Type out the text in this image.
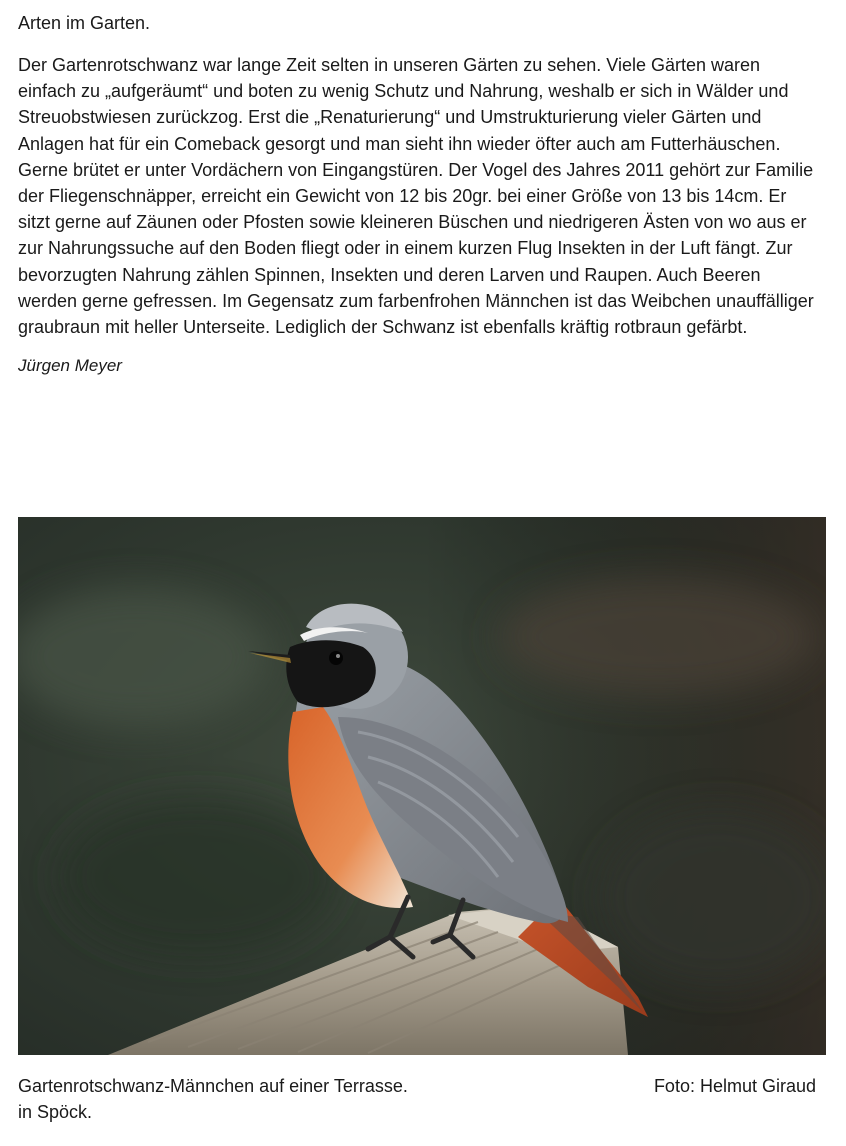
Arten im Garten.

Der Gartenrotschwanz war lange Zeit selten in unseren Gärten zu sehen. Viele Gärten waren einfach zu „aufgeräumt“ und boten zu wenig Schutz und Nahrung, weshalb er sich in Wälder und Streuobstwiesen zurückzog. Erst die „Renaturierung“ und Umstrukturierung vieler Gärten und Anlagen hat für ein Comeback gesorgt und man sieht ihn wieder öfter auch am Futterhäuschen. Gerne brütet er unter Vordächern von Eingangstüren. Der Vogel des Jahres 2011 gehört zur Familie der Fliegenschnäpper, erreicht ein Gewicht von 12 bis 20gr. bei einer Größe von 13 bis 14cm. Er sitzt gerne auf Zäunen oder Pfosten sowie kleineren Büschen und niedrigeren Ästen von wo aus er zur Nahrungssuche auf den Boden fliegt oder in einem kurzen Flug Insekten in der Luft fängt. Zur bevorzugten Nahrung zählen Spinnen, Insekten und deren Larven und Raupen. Auch Beeren werden gerne gefressen. Im Gegensatz zum farbenfrohen Männchen ist das Weibchen unauffälliger graubraun mit heller Unterseite. Lediglich der Schwanz ist ebenfalls kräftig rotbraun gefärbt.

Jürgen Meyer

Gartenrotschwanz-Männchen auf einer Terrasse.
in Spöck.
Foto: Helmut Giraud
